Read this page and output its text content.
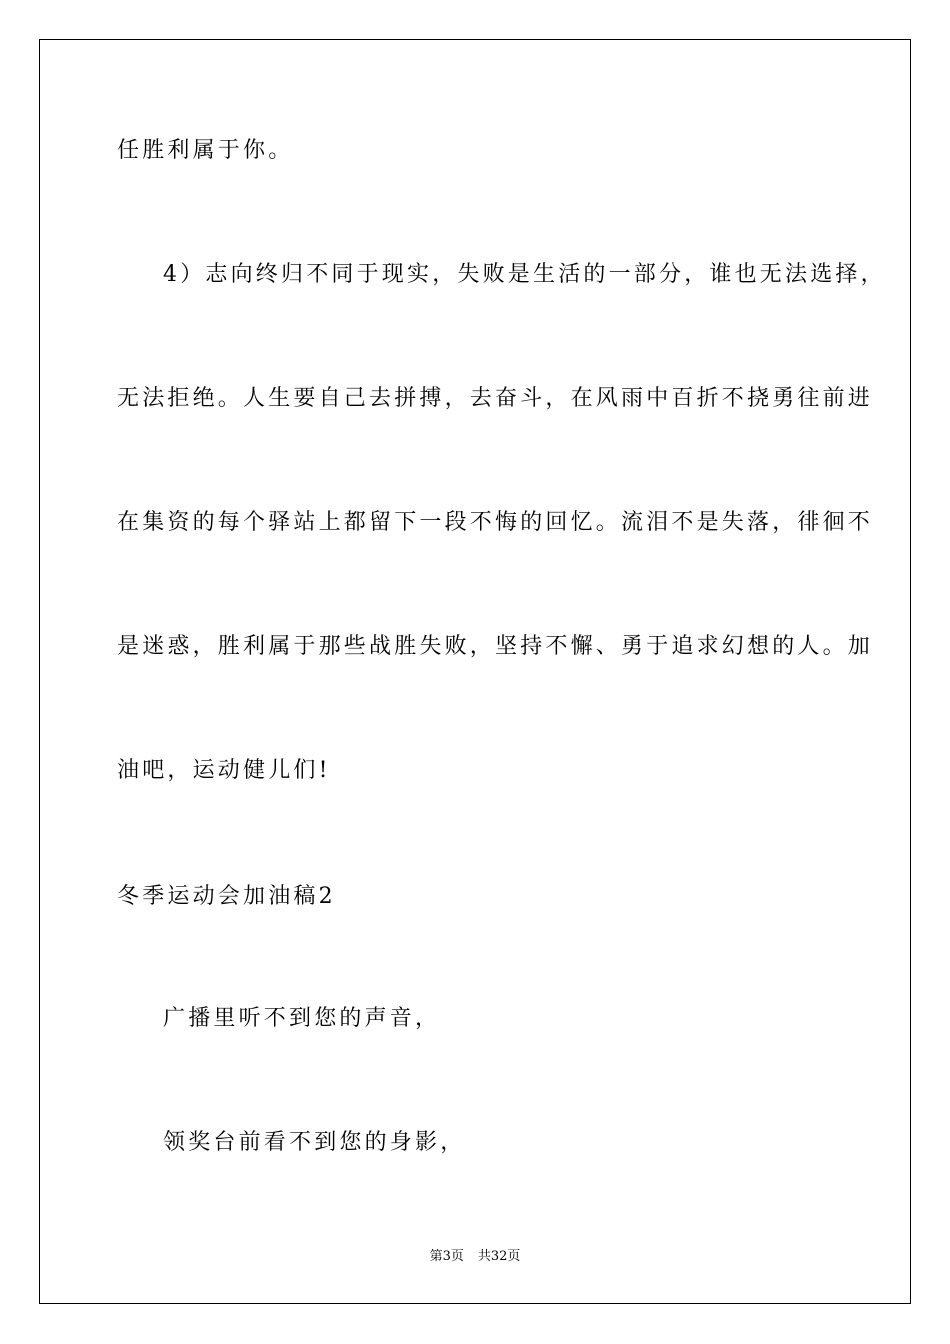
任胜利属于你。
4）志向终归不同于现实，失败是生活的一部分，谁也无法选择，
无法拒绝。人生要自己去拼搏，去奋斗，在风雨中百折不挠勇往前进
在集资的每个驿站上都留下一段不悔的回忆。流泪不是失落，徘徊不
是迷惑，胜利属于那些战胜失败，坚持不懈、勇于追求幻想的人。加
油吧，运动健儿们!
冬季运动会加油稿2
广播里听不到您的声音，
领奖台前看不到您的身影，
第3页 共32页
